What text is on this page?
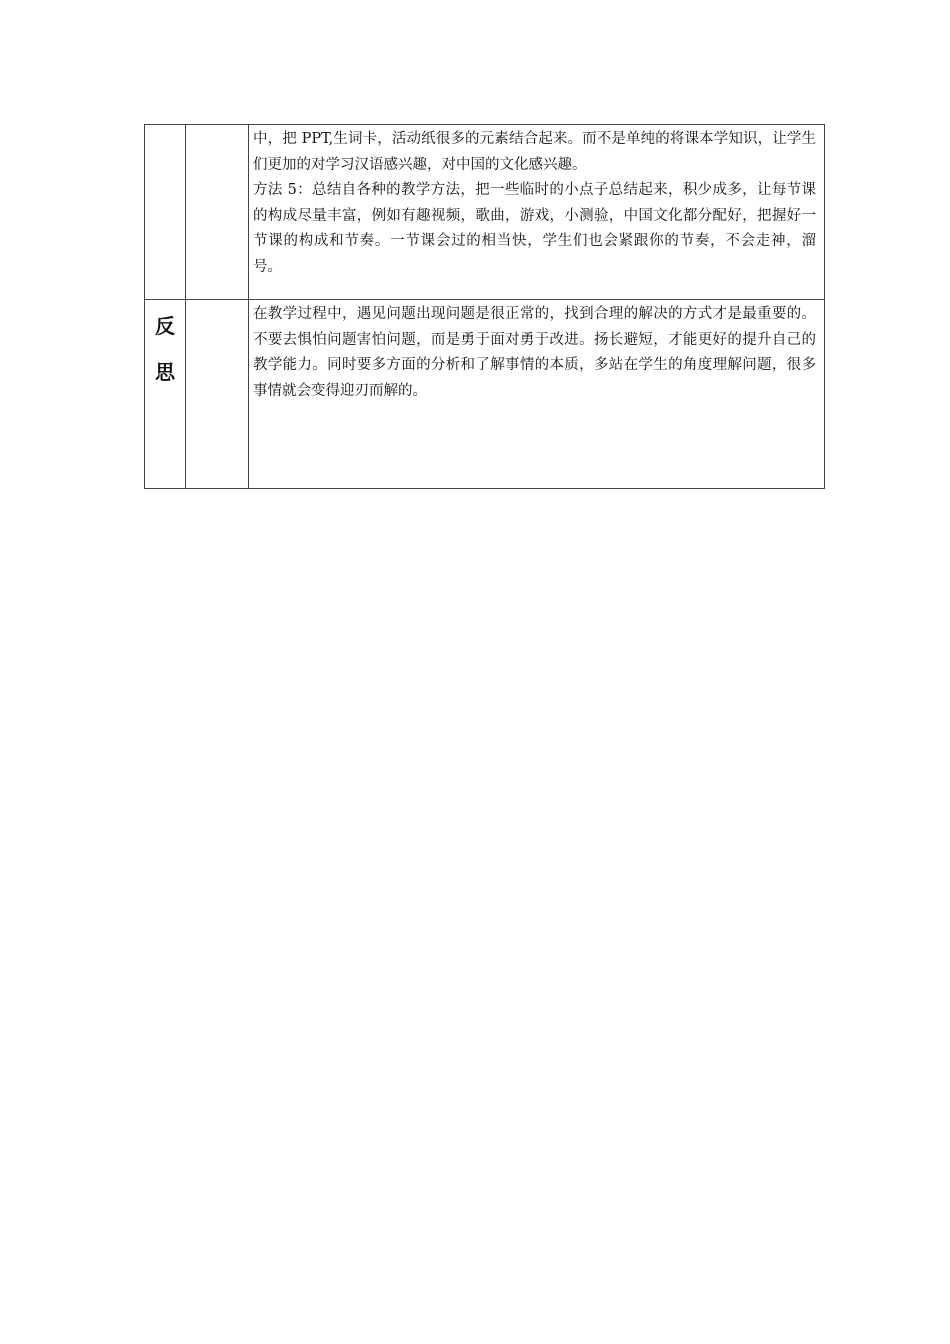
		中，把 PPT,生词卡，活动纸很多的元素结合起来。而不是单纯的将课本学知识，让学生们更加的对学习汉语感兴趣，对中国的文化感兴趣。

方法 5：总结自各种的教学方法，把一些临时的小点子总结起来，积少成多，让每节课的构成尽量丰富，例如有趣视频，歌曲，游戏，小测验，中国文化都分配好，把握好一节课的构成和节奏。一节课会过的相当快，学生们也会紧跟你的节奏，不会走神，溜号。

反
思		在教学过程中，遇见问题出现问题是很正常的，找到合理的解决的方式才是最重要的。不要去惧怕问题害怕问题，而是勇于面对勇于改进。扬长避短，才能更好的提升自己的教学能力。同时要多方面的分析和了解事情的本质，多站在学生的角度理解问题，很多事情就会变得迎刃而解的。
